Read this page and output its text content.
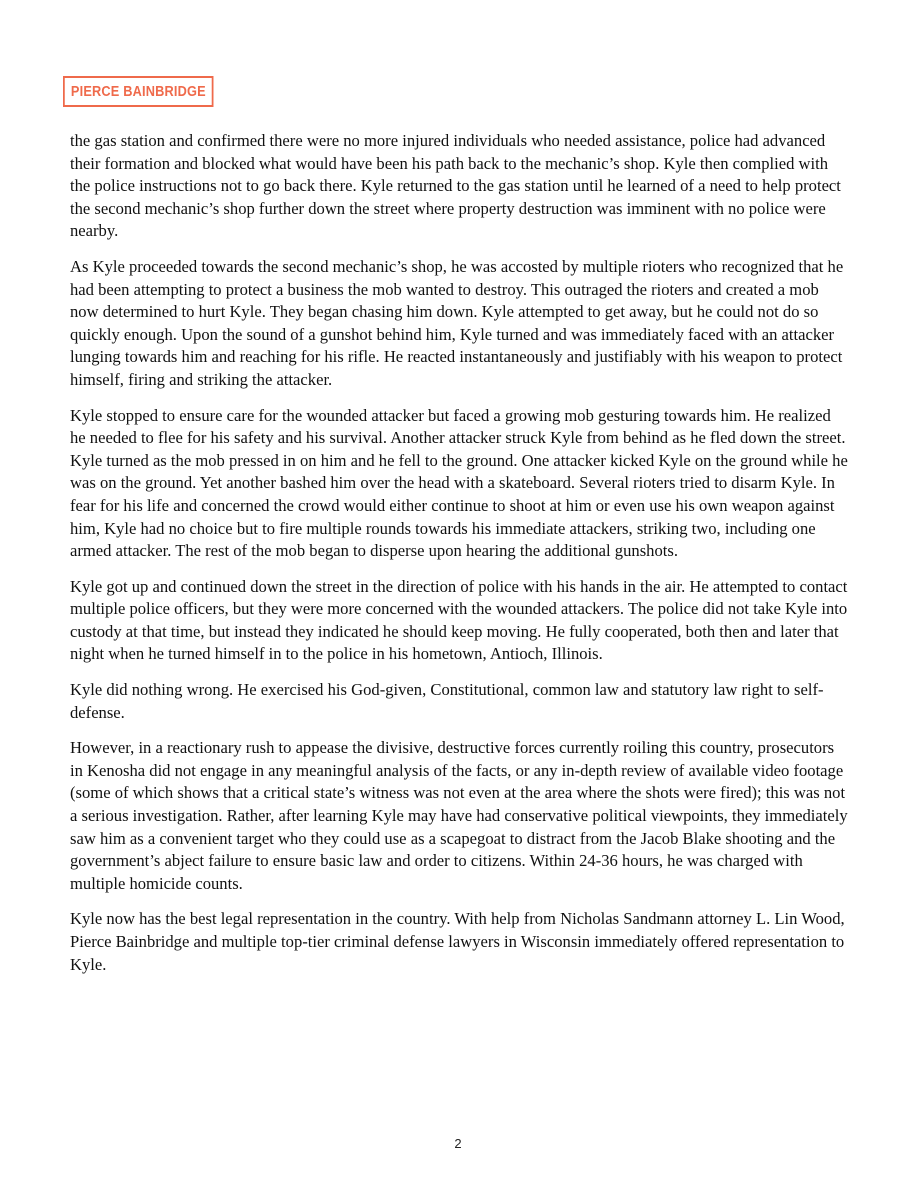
PIERCE BAINBRIDGE

the gas station and confirmed there were no more injured individuals who needed assistance, police had advanced their formation and blocked what would have been his path back to the mechanic’s shop. Kyle then complied with the police instructions not to go back there. Kyle returned to the gas station until he learned of a need to help protect the second mechanic’s shop further down the street where property destruction was imminent with no police were nearby.

As Kyle proceeded towards the second mechanic’s shop, he was accosted by multiple rioters who recognized that he had been attempting to protect a business the mob wanted to destroy. This outraged the rioters and created a mob now determined to hurt Kyle. They began chasing him down. Kyle attempted to get away, but he could not do so quickly enough. Upon the sound of a gunshot behind him, Kyle turned and was immediately faced with an attacker lunging towards him and reaching for his rifle. He reacted instantaneously and justifiably with his weapon to protect himself, firing and striking the attacker.

Kyle stopped to ensure care for the wounded attacker but faced a growing mob gesturing towards him. He realized he needed to flee for his safety and his survival. Another attacker struck Kyle from behind as he fled down the street. Kyle turned as the mob pressed in on him and he fell to the ground. One attacker kicked Kyle on the ground while he was on the ground. Yet another bashed him over the head with a skateboard. Several rioters tried to disarm Kyle. In fear for his life and concerned the crowd would either continue to shoot at him or even use his own weapon against him, Kyle had no choice but to fire multiple rounds towards his immediate attackers, striking two, including one armed attacker. The rest of the mob began to disperse upon hearing the additional gunshots.

Kyle got up and continued down the street in the direction of police with his hands in the air. He attempted to contact multiple police officers, but they were more concerned with the wounded attackers. The police did not take Kyle into custody at that time, but instead they indicated he should keep moving. He fully cooperated, both then and later that night when he turned himself in to the police in his hometown, Antioch, Illinois.

Kyle did nothing wrong. He exercised his God-given, Constitutional, common law and statutory law right to self-defense.

However, in a reactionary rush to appease the divisive, destructive forces currently roiling this country, prosecutors in Kenosha did not engage in any meaningful analysis of the facts, or any in-depth review of available video footage (some of which shows that a critical state’s witness was not even at the area where the shots were fired); this was not a serious investigation. Rather, after learning Kyle may have had conservative political viewpoints, they immediately saw him as a convenient target who they could use as a scapegoat to distract from the Jacob Blake shooting and the government’s abject failure to ensure basic law and order to citizens. Within 24-36 hours, he was charged with multiple homicide counts.

Kyle now has the best legal representation in the country. With help from Nicholas Sandmann attorney L. Lin Wood, Pierce Bainbridge and multiple top-tier criminal defense lawyers in Wisconsin immediately offered representation to Kyle.

2
